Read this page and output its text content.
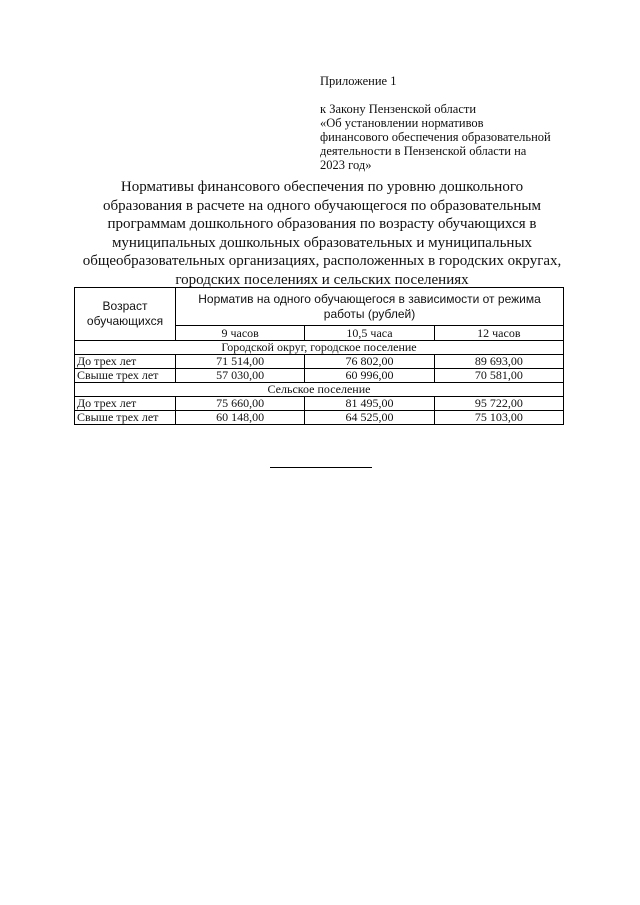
Приложение 1
к Закону Пензенской области
«Об установлении нормативов
финансового обеспечения образовательной
деятельности в Пензенской области на
2023 год»
Нормативы финансового обеспечения по уровню дошкольного
образования в расчете на одного обучающегося по образовательным
программам дошкольного образования по возрасту обучающихся в
муниципальных дошкольных образовательных и муниципальных
общеобразовательных организациях, расположенных в городских округах,
городских поселениях и сельских поселениях
Возраст обучающихся	Норматив на одного обучающегося в зависимости от режима работы (рублей)		
	9 часов	10,5 часа	12 часов
Городской округ, городское поселение			
До трех лет	71 514,00	76 802,00	89 693,00
Свыше трех лет	57 030,00	60 996,00	70 581,00
Сельское поселение			
До трех лет	75 660,00	81 495,00	95 722,00
Свыше трех лет	60 148,00	64 525,00	75 103,00
